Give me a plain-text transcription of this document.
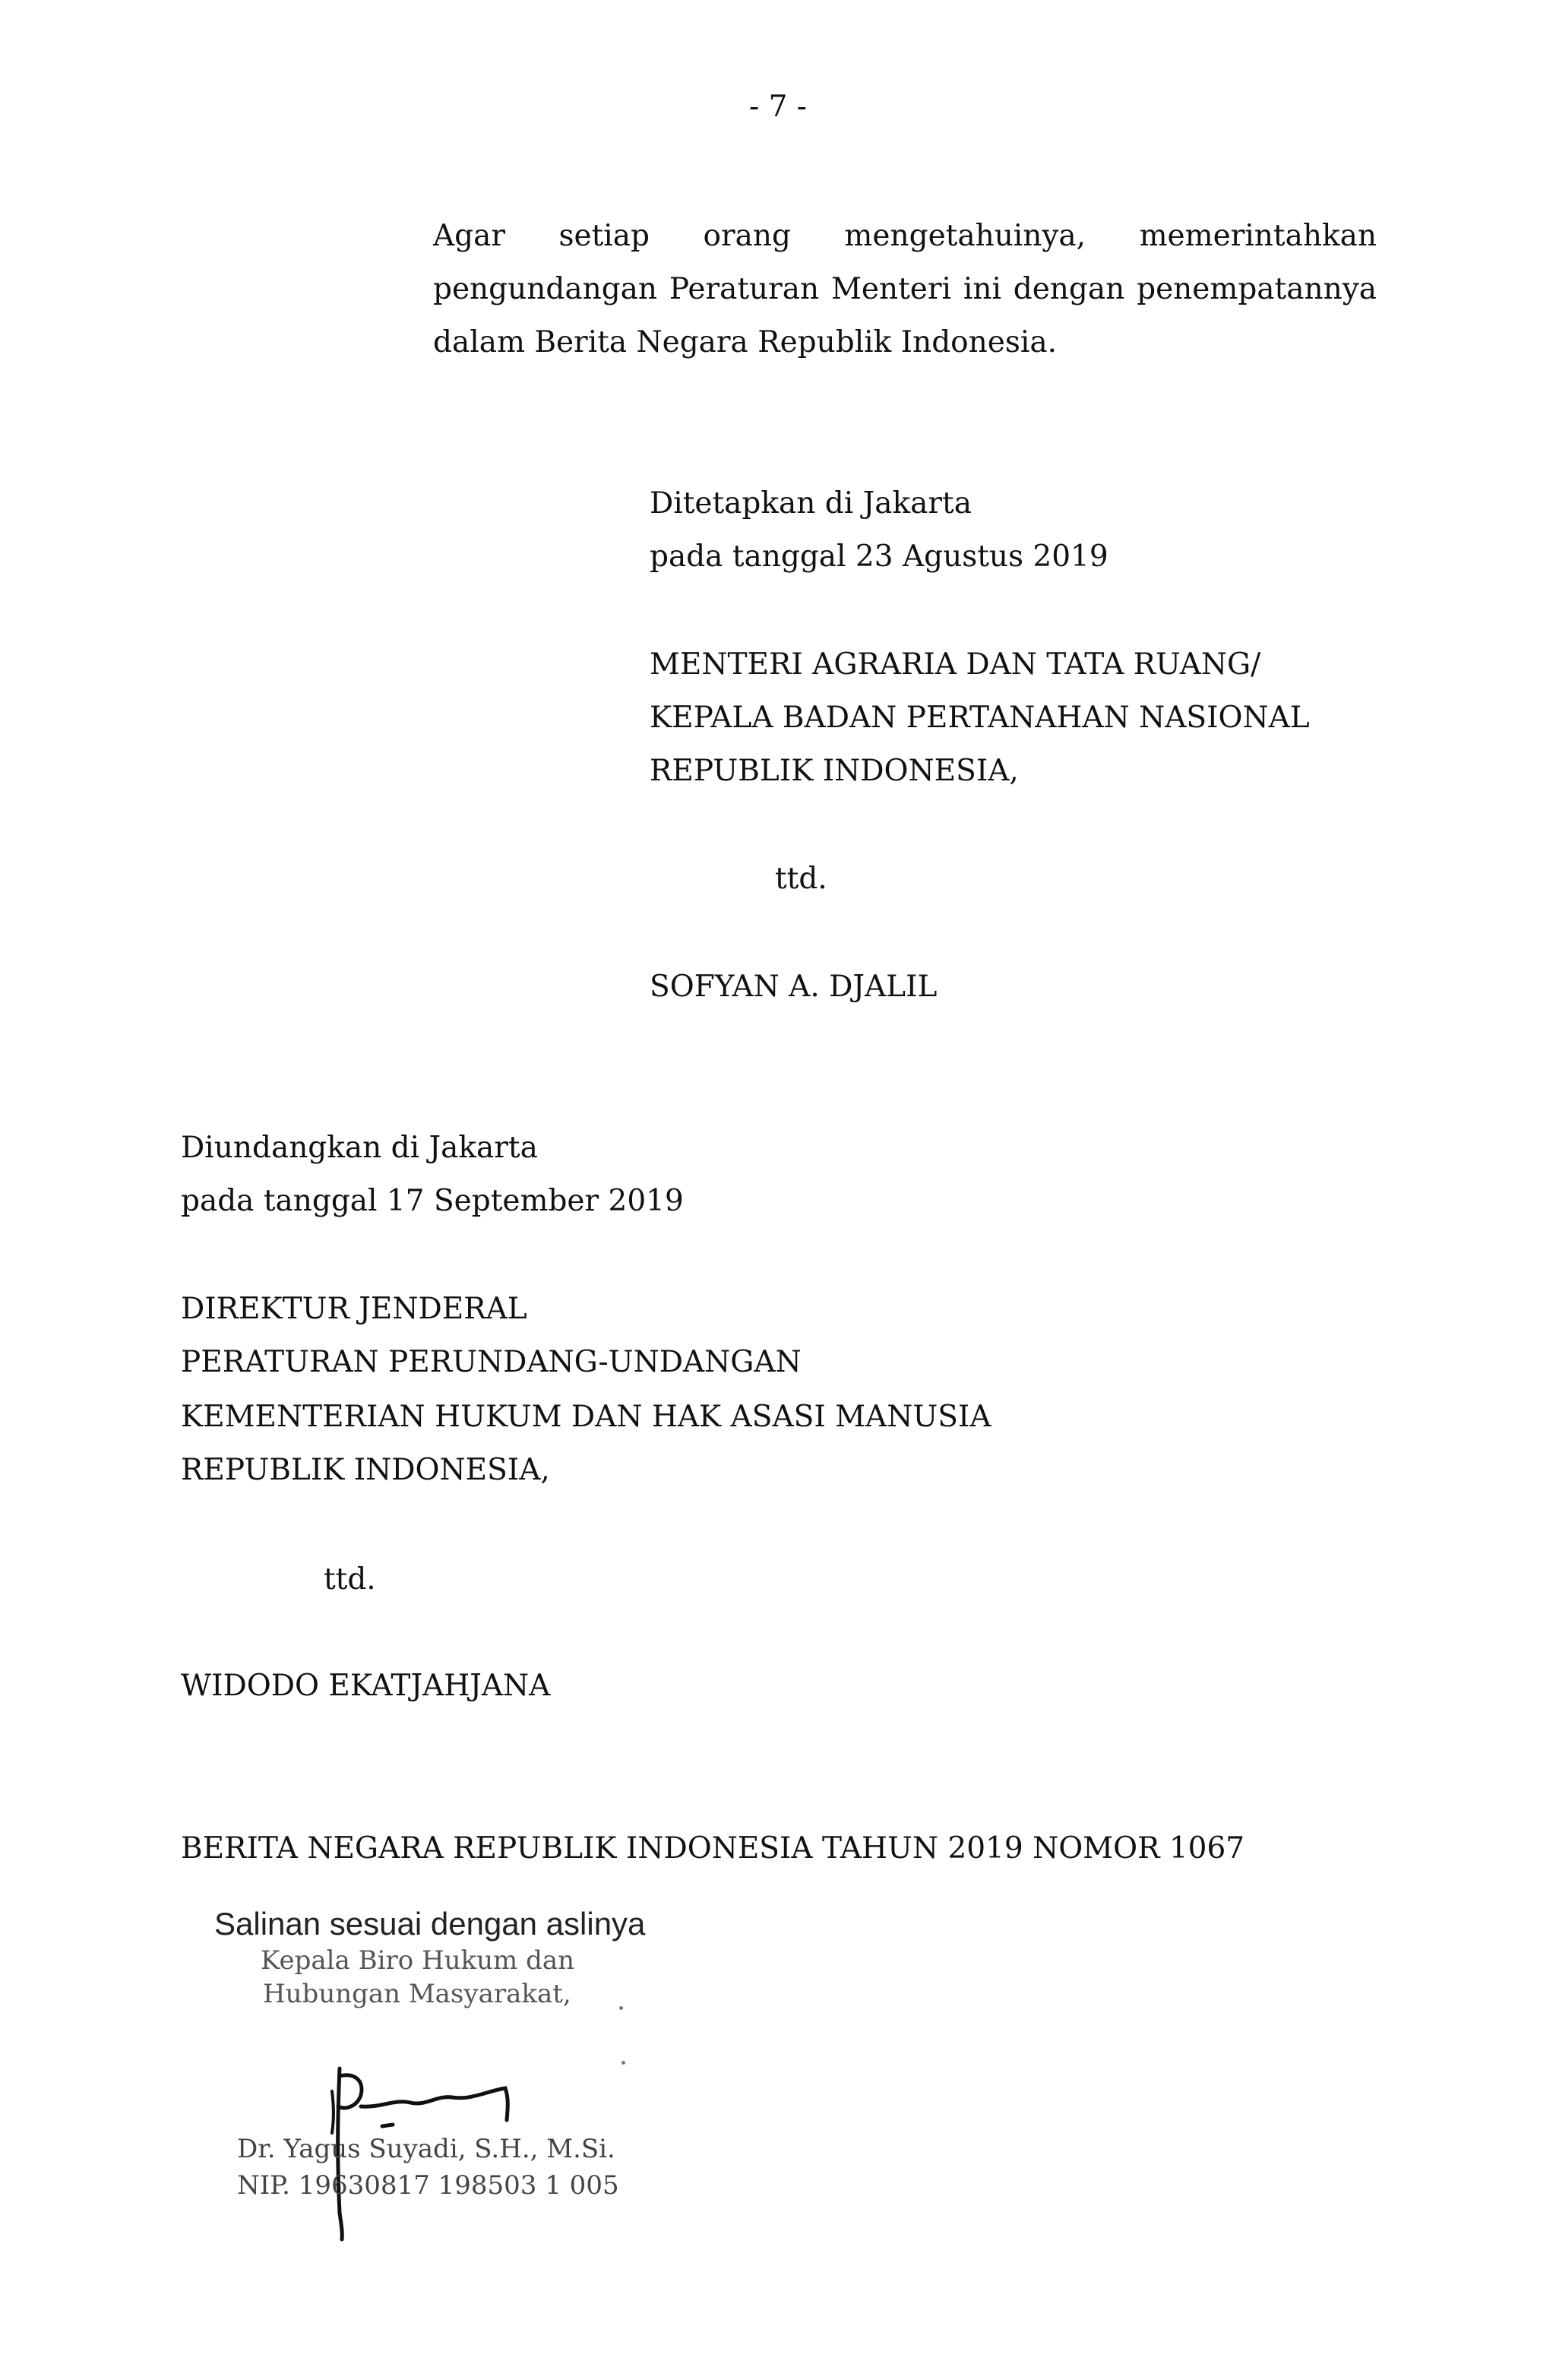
- 7 -
Agar setiap orang mengetahuinya, memerintahkan
pengundangan Peraturan Menteri ini dengan penempatannya
dalam Berita Negara Republik Indonesia.
Ditetapkan di Jakarta
pada tanggal 23 Agustus 2019
MENTERI AGRARIA DAN TATA RUANG/
KEPALA BADAN PERTANAHAN NASIONAL
REPUBLIK INDONESIA,
ttd.
SOFYAN A. DJALIL
Diundangkan di Jakarta
pada tanggal 17 September 2019
DIREKTUR JENDERAL
PERATURAN PERUNDANG-UNDANGAN
KEMENTERIAN HUKUM DAN HAK ASASI MANUSIA
REPUBLIK INDONESIA,
ttd.
WIDODO EKATJAHJANA
BERITA NEGARA REPUBLIK INDONESIA TAHUN 2019 NOMOR 1067
Salinan sesuai dengan aslinya
Kepala Biro Hukum dan
Hubungan Masyarakat,
Dr. Yagus Suyadi, S.H., M.Si.
NIP. 19630817 198503 1 005
